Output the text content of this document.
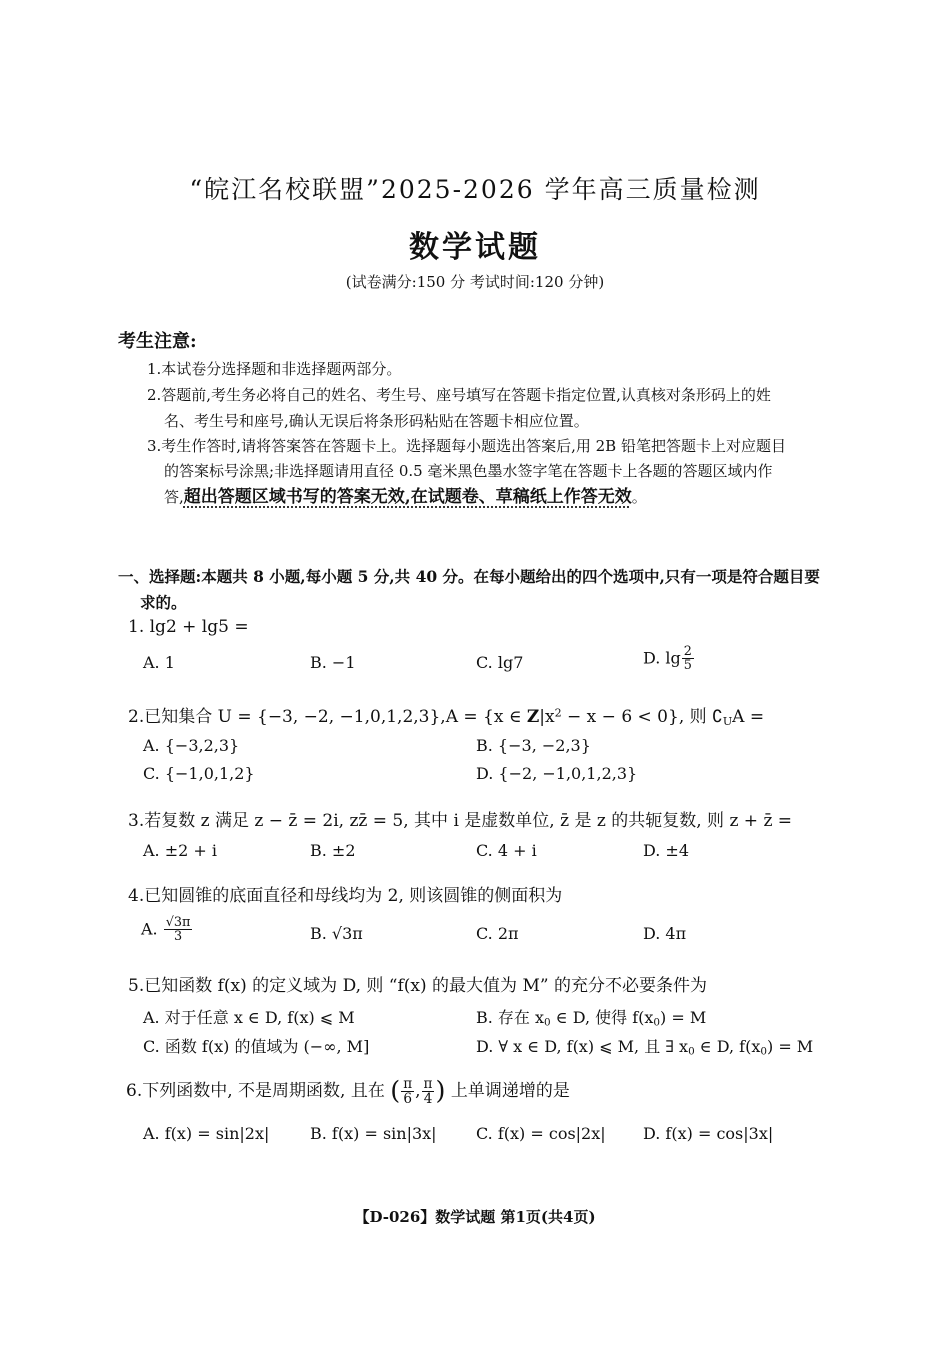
“皖江名校联盟”2025-2026 学年高三质量检测
数学试题
(试卷满分:150 分 考试时间:120 分钟)
考生注意:
1.本试卷分选择题和非选择题两部分。
2.答题前,考生务必将自己的姓名、考生号、座号填写在答题卡指定位置,认真核对条形码上的姓
名、考生号和座号,确认无误后将条形码粘贴在答题卡相应位置。
3.考生作答时,请将答案答在答题卡上。选择题每小题选出答案后,用 2B 铅笔把答题卡上对应题目
的答案标号涂黑;非选择题请用直径 0.5 毫米黑色墨水签字笔在答题卡上各题的答题区域内作
答,超出答题区域书写的答案无效,在试题卷、草稿纸上作答无效。
一、选择题:本题共 8 小题,每小题 5 分,共 40 分。在每小题给出的四个选项中,只有一项是符合题目要
求的。
1. lg2 + lg5 =
A. 1	B. −1	C. lg7	D. $\lg \frac{2}{5}$
2.已知集合 U = {−3, −2, −1,0,1,2,3},A = {x ∈ $Z|x^2 - x - 6 < 0$}, 则 $∁_UA$ =
A. {−3,2,3}	B. {−3, −2,3}
C. {−1,0,1,2}	D. {−2, −1,0,1,2,3}
3.若复数 z 满足 z − z̄ = 2i, zz̄ = 5, 其中 i 是虚数单位, z̄ 是 z 的共轭复数, 则 z + z̄ =
A. ±2 + i	B. ±2	C. 4 + i	D. ±4
4.已知圆锥的底面直径和母线均为 2, 则该圆锥的侧面积为
A. $\frac{√3\pi}{3}$	B. √3π	C. 2π	D. 4π
5.已知函数 f(x) 的定义域为 D, 则 “f(x) 的最大值为 M” 的充分不必要条件为
A. 对于任意 x ∈ D, f(x) ⩽ M	B. 存在 $x_0$ ∈ D, 使得 $f(x_0) = M$
C. 函数 f(x) 的值域为 (−∞, M]	D. ∀ x ∈ D, f(x) ⩽ M, 且 ∃ $x_0$ ∈ D, $f(x_0) = M$
6.下列函数中, 不是周期函数, 且在 ( $\frac{\pi}{6}$ , $\frac{\pi}{4}$ ) 上单调递增的是
A. f(x) = sin|2x|	B. f(x) = sin|3x| C. f(x) = cos|2x| D. f(x) = cos|3x|
【D-026】数学试题 第1页(共4页)
